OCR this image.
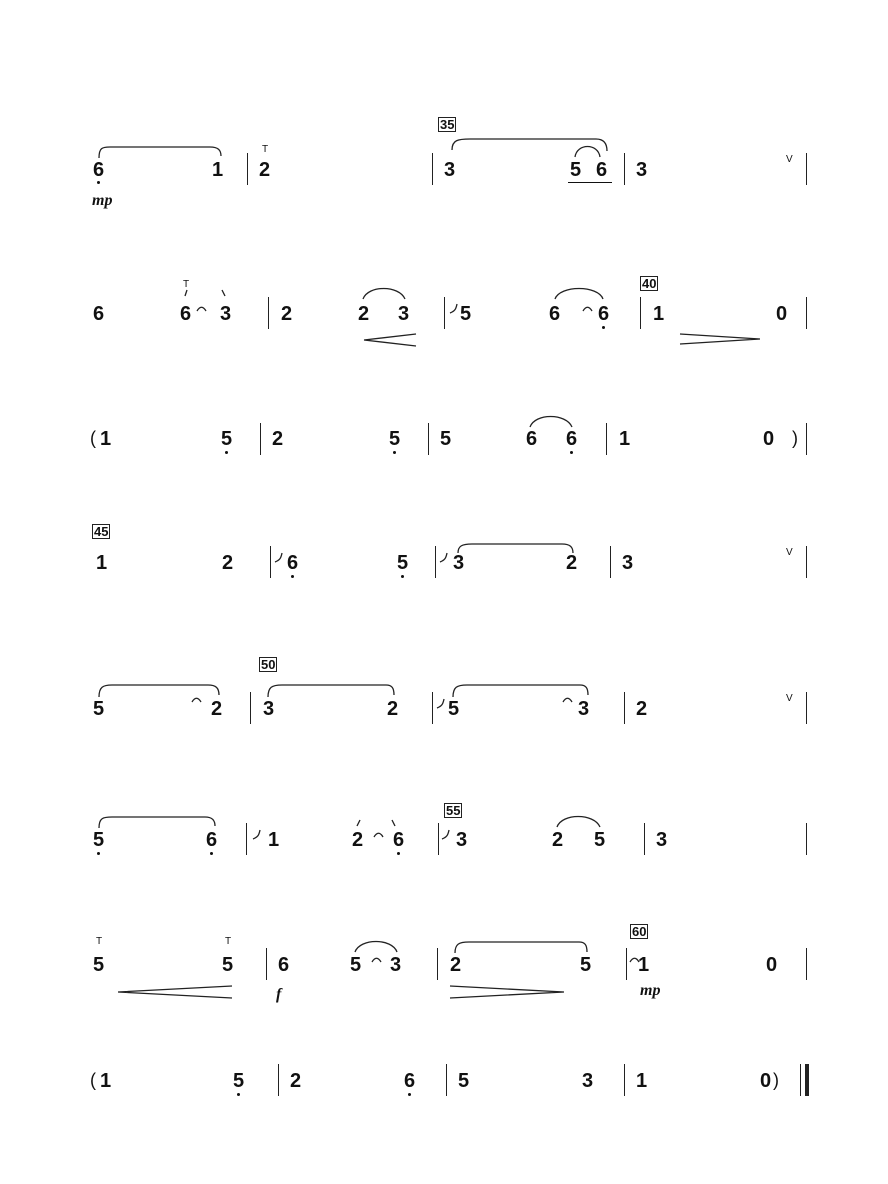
6	1
T
2
35
3	5 6 3	V
mp
6
T
6 3 2	2 3	5	6 6
40
1	0
( 1	5 2	5 5	6 6 1	0 )
45
1	2	6	5 3	2 3	V
5	2
50
3	2 5	3 2	V
5	6	1	2 6
55
3	2 5	3
T
5
T
5 6
f
5 3 2	5
60
1
mp
0
( 1	5 2	6 5	3 1	0 )
